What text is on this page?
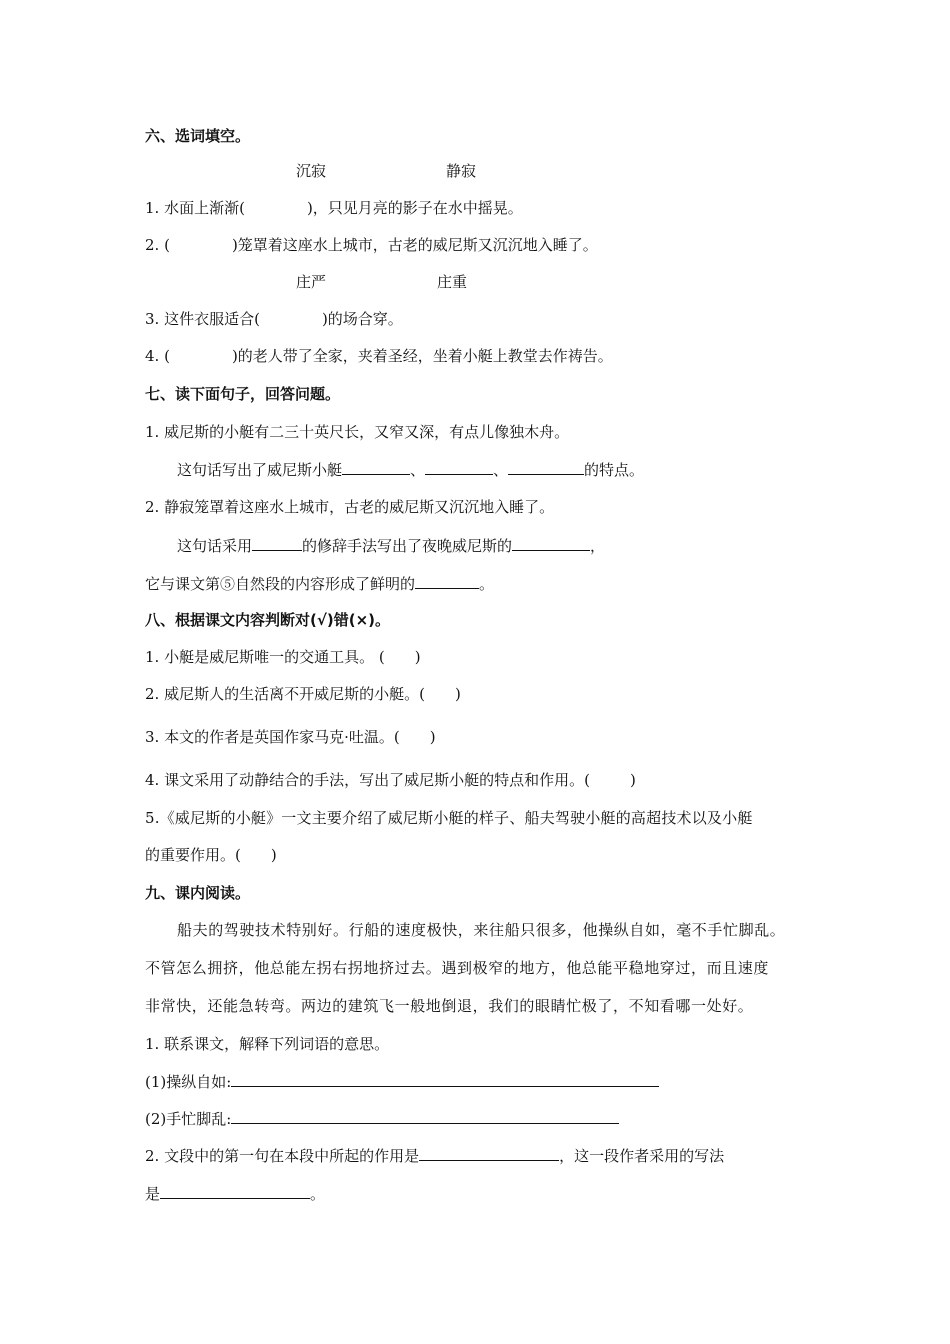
六、选词填空。
沉寂	静寂
1. 水面上渐渐(	)，只见月亮的影子在水中摇晃。
2. (	)笼罩着这座水上城市，古老的威尼斯又沉沉地入睡了。
庄严	庄重
3. 这件衣服适合(	)的场合穿。
4. (	)的老人带了全家，夹着圣经，坐着小艇上教堂去作祷告。
七、读下面句子，回答问题。
1. 威尼斯的小艇有二三十英尺长，又窄又深，有点儿像独木舟。
这句话写出了威尼斯小艇	、	、	的特点。
2. 静寂笼罩着这座水上城市，古老的威尼斯又沉沉地入睡了。
这句话采用	的修辞手法写出了夜晚威尼斯的	，
它与课文第⑤自然段的内容形成了鲜明的	。
八、根据课文内容判断对(√)错(×)。
1. 小艇是威尼斯唯一的交通工具。 ( )
2. 威尼斯人的生活离不开威尼斯的小艇。( )
3. 本文的作者是英国作家马克·吐温。( )
4. 课文采用了动静结合的手法，写出了威尼斯小艇的特点和作用。(	)
5.《威尼斯的小艇》一文主要介绍了威尼斯小艇的样子、船夫驾驶小艇的高超技术以及小艇
的重要作用。( )
九、课内阅读。
船夫的驾驶技术特别好。行船的速度极快，来往船只很多，他操纵自如，毫不手忙脚乱。
不管怎么拥挤，他总能左拐右拐地挤过去。遇到极窄的地方，他总能平稳地穿过，而且速度
非常快，还能急转弯。两边的建筑飞一般地倒退，我们的眼睛忙极了，不知看哪一处好。
1. 联系课文，解释下列词语的意思。
(1)操纵自如:
(2)手忙脚乱:
2. 文段中的第一句在本段中所起的作用是	，这一段作者采用的写法
是	。
